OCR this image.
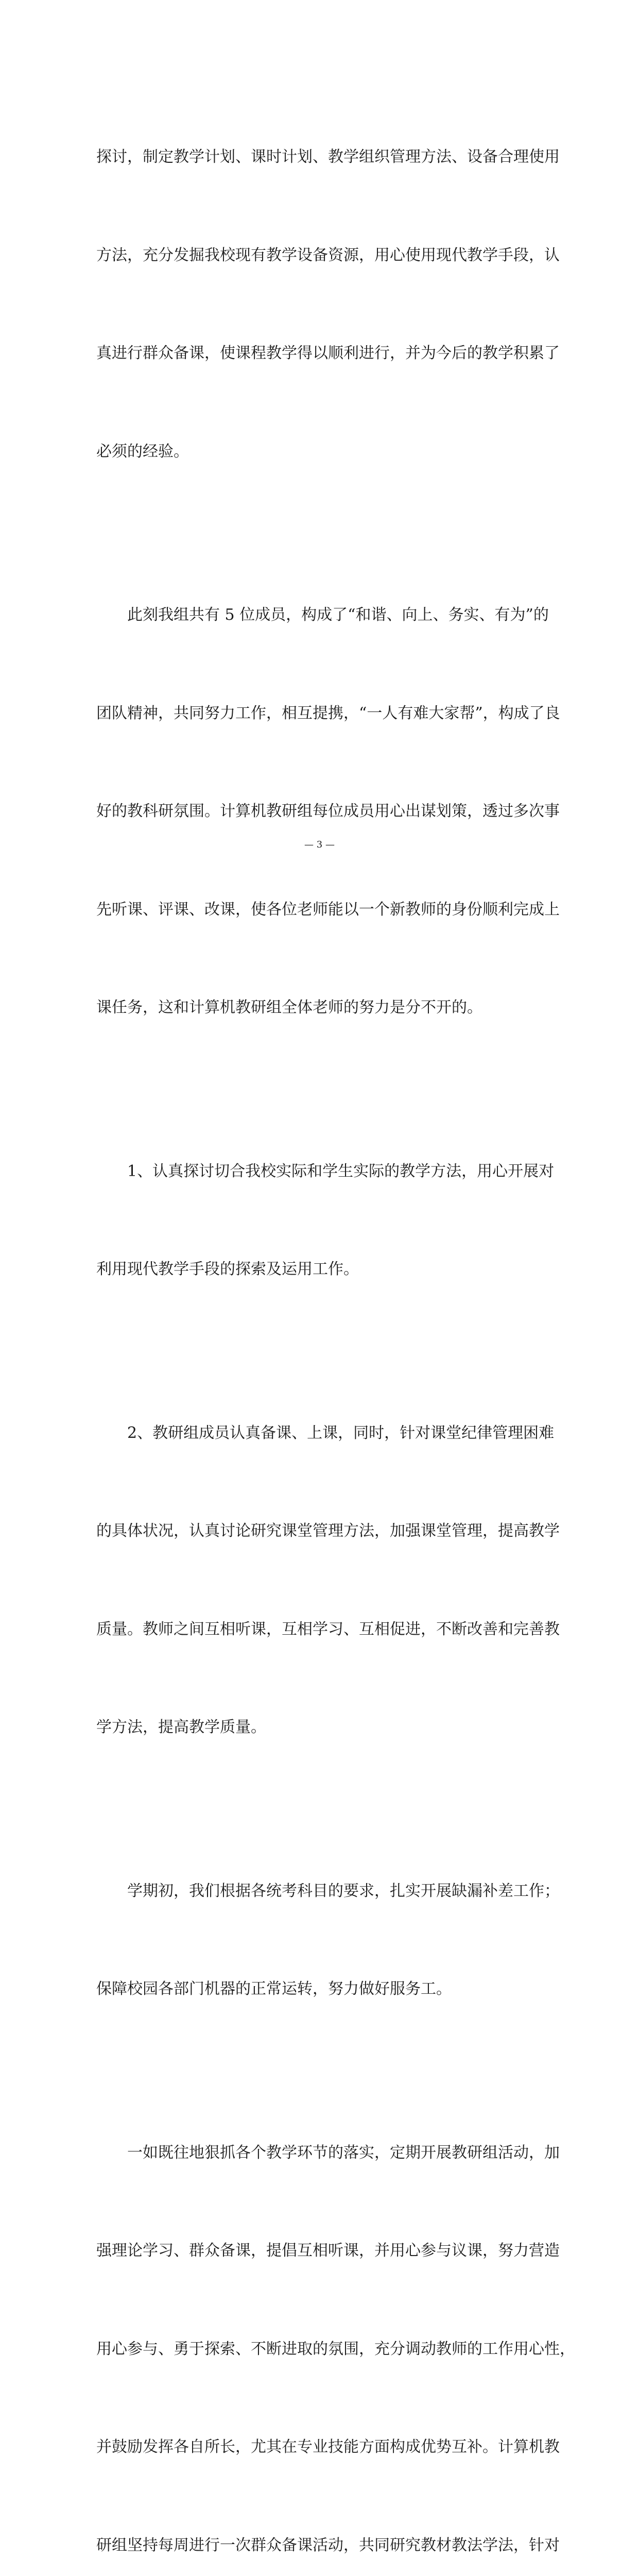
探讨，制定教学计划、课时计划、教学组织管理方法、设备合理使用

方法，充分发掘我校现有教学设备资源，用心使用现代教学手段，认

真进行群众备课，使课程教学得以顺利进行，并为今后的教学积累了

必须的经验。

　　此刻我组共有 5 位成员，构成了“和谐、向上、务实、有为”的

团队精神，共同努力工作，相互提携，“一人有难大家帮”，构成了良

好的教科研氛围。计算机教研组每位成员用心出谋划策，透过多次事

先听课、评课、改课，使各位老师能以一个新教师的身份顺利完成上

课任务，这和计算机教研组全体老师的努力是分不开的。

　　1、认真探讨切合我校实际和学生实际的教学方法，用心开展对

利用现代教学手段的探索及运用工作。

　　2、教研组成员认真备课、上课，同时，针对课堂纪律管理困难

的具体状况，认真讨论研究课堂管理方法，加强课堂管理，提高教学

质量。教师之间互相听课，互相学习、互相促进，不断改善和完善教

学方法，提高教学质量。

　　学期初，我们根据各统考科目的要求，扎实开展缺漏补差工作；

保障校园各部门机器的正常运转，努力做好服务工。

　　一如既往地狠抓各个教学环节的落实，定期开展教研组活动，加

强理论学习、群众备课，提倡互相听课，并用心参与议课，努力营造

用心参与、勇于探索、不断进取的氛围，充分调动教师的工作用心性，

并鼓励发挥各自所长，尤其在专业技能方面构成优势互补。计算机教

研组坚持每周进行一次群众备课活动，共同研究教材教法学法，针对

— 3 —
